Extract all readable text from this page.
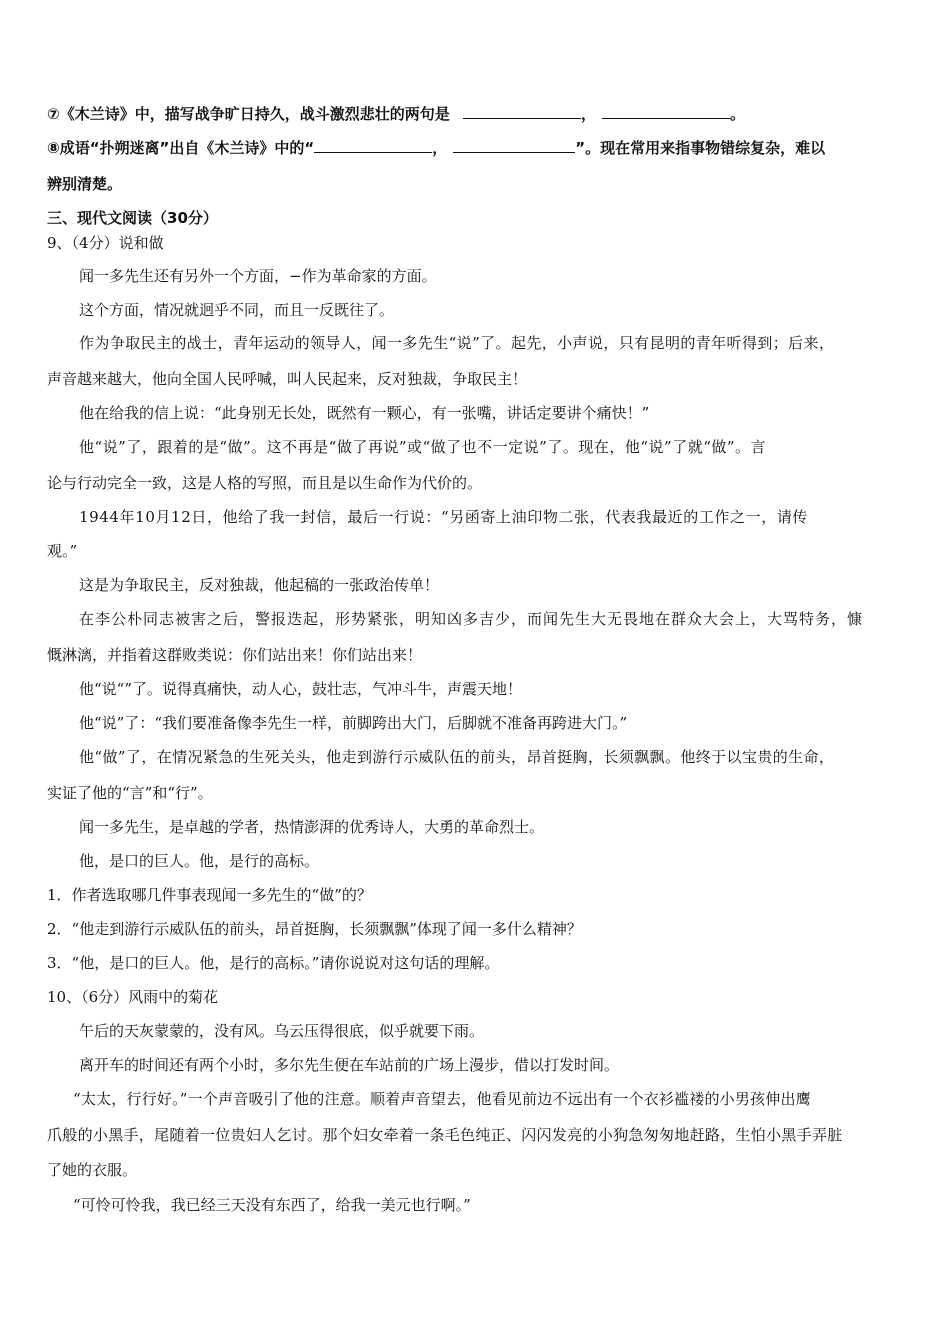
⑦《木兰诗》中，描写战争旷日持久，战斗激烈悲壮的两句是	，	。
⑧成语“扑朔迷离”出自《木兰诗》中的“	，	”。现在常用来指事物错综复杂，难以
辨别清楚。
三、现代文阅读（30分）
9、（4分）说和做
闻一多先生还有另外一个方面，−作为革命家的方面。
这个方面，情况就迥乎不同，而且一反既往了。
作为争取民主的战士，青年运动的领导人，闻一多先生“说”了。起先，小声说，只有昆明的青年听得到；后来，
声音越来越大，他向全国人民呼喊，叫人民起来，反对独裁，争取民主！
他在给我的信上说：“此身别无长处，既然有一颗心，有一张嘴，讲话定要讲个痛快！”
他“说”了，跟着的是“做”。这不再是“做了再说”或“做了也不一定说”了。现在，他“说”了就“做”。言
论与行动完全一致，这是人格的写照，而且是以生命作为代价的。
1944年10月12日，他给了我一封信，最后一行说：“另函寄上油印物二张，代表我最近的工作之一，请传
观。”
这是为争取民主，反对独裁，他起稿的一张政治传单！
在李公朴同志被害之后，警报迭起，形势紧张，明知凶多吉少，而闻先生大无畏地在群众大会上，大骂特务，慷
慨淋漓，并指着这群败类说：你们站出来！你们站出来！
他“说“”了。说得真痛快，动人心，鼓壮志，气冲斗牛，声震天地！
他“说”了：“我们要准备像李先生一样，前脚跨出大门，后脚就不准备再跨进大门。”
他“做”了，在情况紧急的生死关头，他走到游行示威队伍的前头，昂首挺胸，长须飘飘。他终于以宝贵的生命，
实证了他的“言”和“行”。
闻一多先生，是卓越的学者，热情澎湃的优秀诗人，大勇的革命烈士。
他，是口的巨人。他，是行的高标。
1．作者选取哪几件事表现闻一多先生的“做”的？
2．“他走到游行示威队伍的前头，昂首挺胸，长须飘飘”体现了闻一多什么精神？
3．“他，是口的巨人。他，是行的高标。”请你说说对这句话的理解。
10、（6分）风雨中的菊花
午后的天灰蒙蒙的，没有风。乌云压得很底，似乎就要下雨。
离开车的时间还有两个小时，多尔先生便在车站前的广场上漫步，借以打发时间。
“太太，行行好。”一个声音吸引了他的注意。顺着声音望去，他看见前边不远出有一个衣衫褴褛的小男孩伸出鹰
爪般的小黑手，尾随着一位贵妇人乞讨。那个妇女牵着一条毛色纯正、闪闪发亮的小狗急匆匆地赶路，生怕小黑手弄脏
了她的衣服。
“可怜可怜我，我已经三天没有东西了，给我一美元也行啊。”
